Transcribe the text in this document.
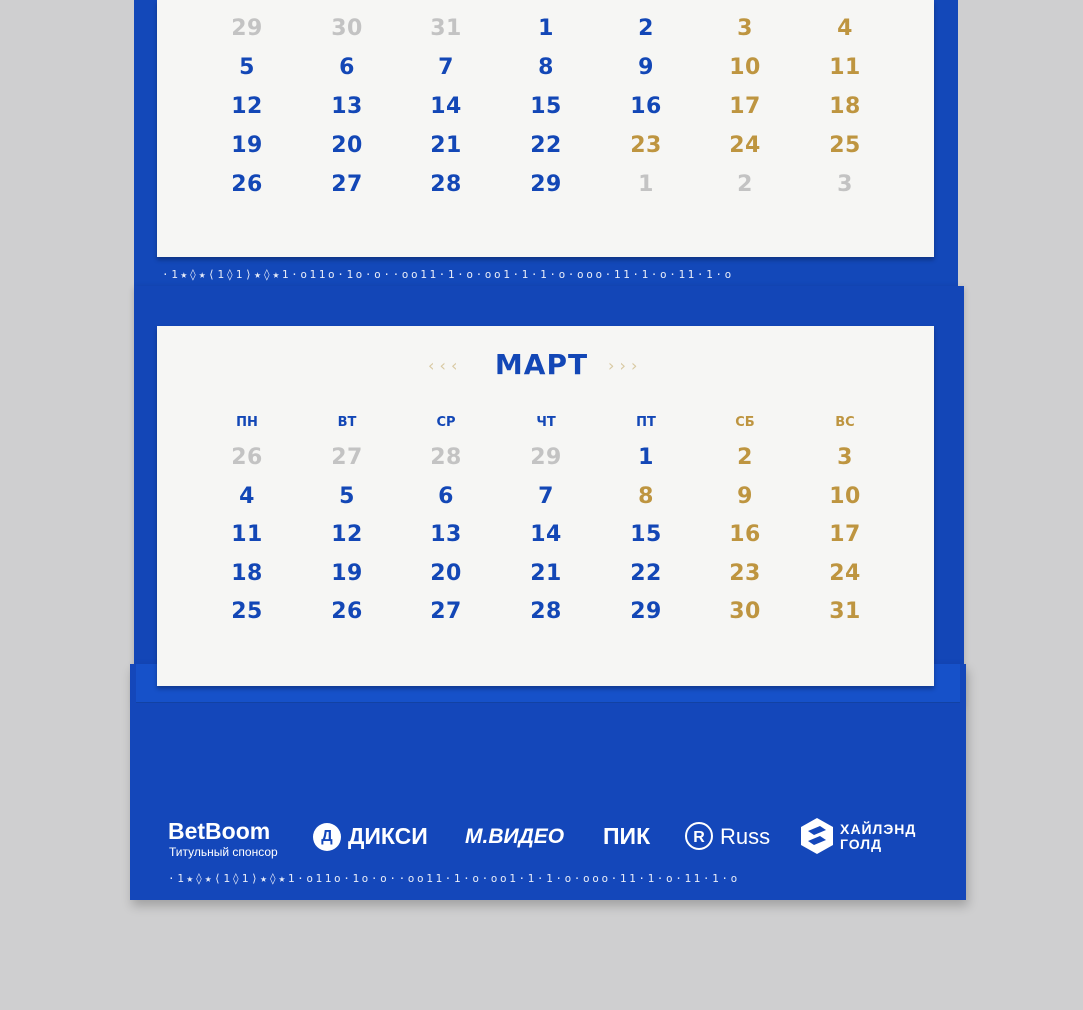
29	30	31	1	2	3	4
5	6	7	8	9	10	11
12	13	14	15	16	17	18
19	20	21	22	23	24	25
26	27	28	29	1	2	3
·1★◊★⟨1◊1⟩★◊★1·o11o·1o·o··oo11·1·o·oo1·1·1·o·ooo·11·1·o·11·1·o
‹ ‹ ‹	МАРТ	› › ›
ПН	ВТ	СР	ЧТ	ПТ	СБ	ВС
26	27	28	29	1	2	3
4	5	6	7	8	9	10
11	12	13	14	15	16	17
18	19	20	21	22	23	24
25	26	27	28	29	30	31
BetBoom
Титульный спонсор
Д ДИКСИ М.ВИДЕО ПИК	R Russ	ХАЙЛЭНД
ГОЛД
·1★◊★⟨1◊1⟩★◊★1·o11o·1o·o··oo11·1·o·oo1·1·1·o·ooo·11·1·o·11·1·o
